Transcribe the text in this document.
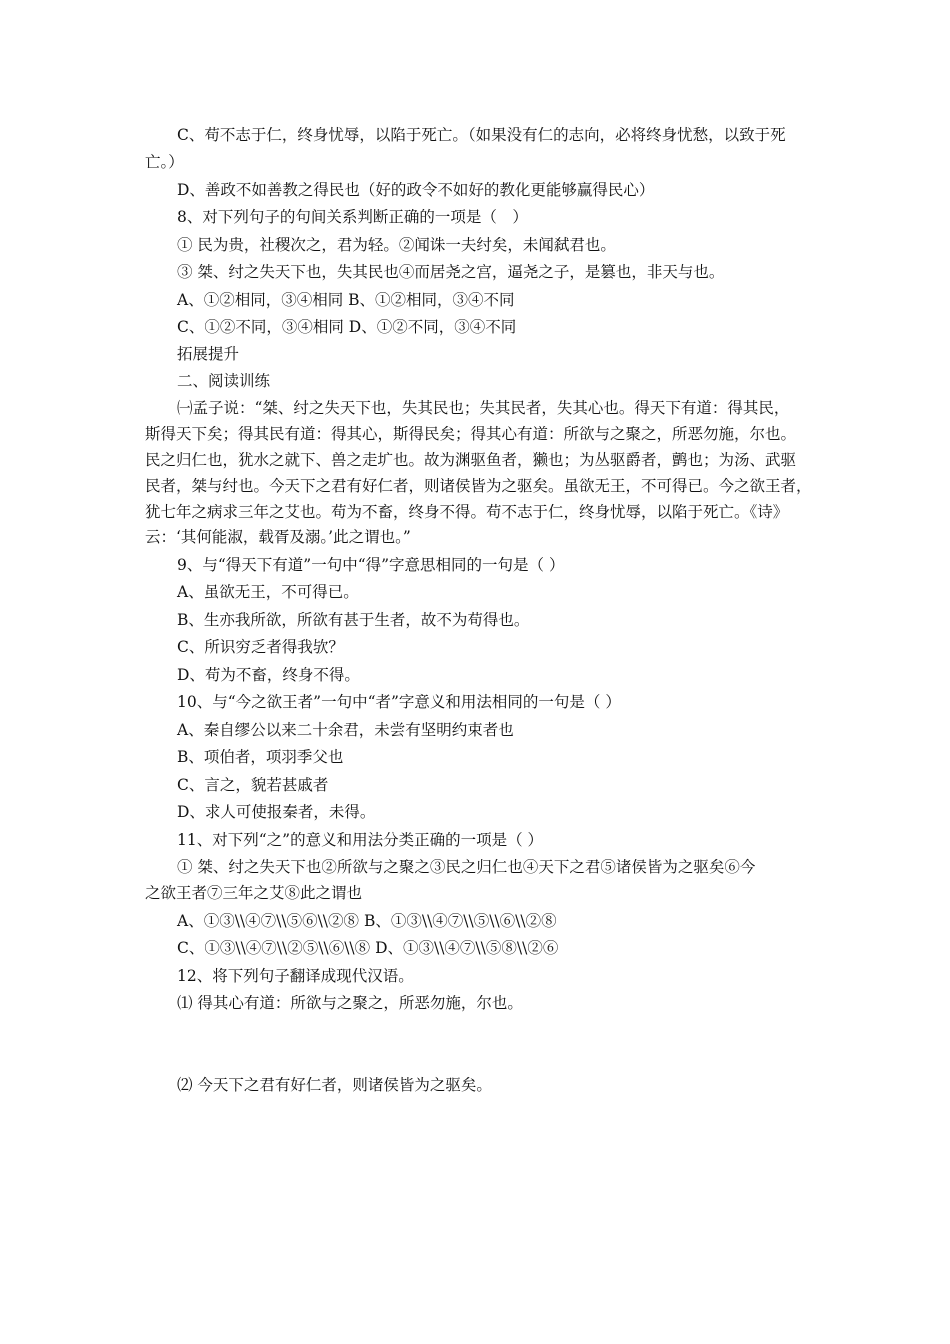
C、苟不志于仁，终身忧辱，以陷于死亡。（如果没有仁的志向，必将终身忧愁，以致于死
亡。）
D、善政不如善教之得民也（好的政令不如好的教化更能够赢得民心）
8、对下列句子的句间关系判断正确的一项是（　）
① 民为贵，社稷次之，君为轻。②闻诛一夫纣矣，未闻弑君也。
③ 桀、纣之失天下也，失其民也④而居尧之宫，逼尧之子，是篡也，非天与也。
A、①②相同，③④相同 B、①②相同，③④不同
C、①②不同，③④相同 D、①②不同，③④不同
拓展提升
二、阅读训练
㈠孟子说：“桀、纣之失天下也，失其民也；失其民者，失其心也。得天下有道：得其民，
斯得天下矣；得其民有道：得其心，斯得民矣；得其心有道：所欲与之聚之，所恶勿施，尔也。
民之归仁也，犹水之就下、兽之走圹也。故为渊驱鱼者，獭也；为丛驱爵者，鹯也；为汤、武驱
民者，桀与纣也。今天下之君有好仁者，则诸侯皆为之驱矣。虽欲无王，不可得已。今之欲王者，
犹七年之病求三年之艾也。苟为不畜，终身不得。苟不志于仁，终身忧辱，以陷于死亡。《诗》
云：‘其何能淑，载胥及溺。’此之谓也。”
9、与“得天下有道”一句中“得”字意思相同的一句是（ ）
A、虽欲无王，不可得已。
B、生亦我所欲，所欲有甚于生者，故不为苟得也。
C、所识穷乏者得我欤？
D、苟为不畜，终身不得。
10、与“今之欲王者”一句中“者”字意义和用法相同的一句是（ ）
A、秦自缪公以来二十余君，未尝有坚明约束者也
B、项伯者，项羽季父也
C、言之，貌若甚戚者
D、求人可使报秦者，未得。
11、对下列“之”的意义和用法分类正确的一项是（ ）
① 桀、纣之失天下也②所欲与之聚之③民之归仁也④天下之君⑤诸侯皆为之驱矣⑥今
之欲王者⑦三年之艾⑧此之谓也
A、①③\\④⑦\\⑤⑥\\②⑧ B、①③\\④⑦\\⑤\\⑥\\②⑧
C、①③\\④⑦\\②⑤\\⑥\\⑧ D、①③\\④⑦\\⑤⑧\\②⑥
12、将下列句子翻译成现代汉语。
⑴ 得其心有道：所欲与之聚之，所恶勿施，尔也。
⑵ 今天下之君有好仁者，则诸侯皆为之驱矣。
